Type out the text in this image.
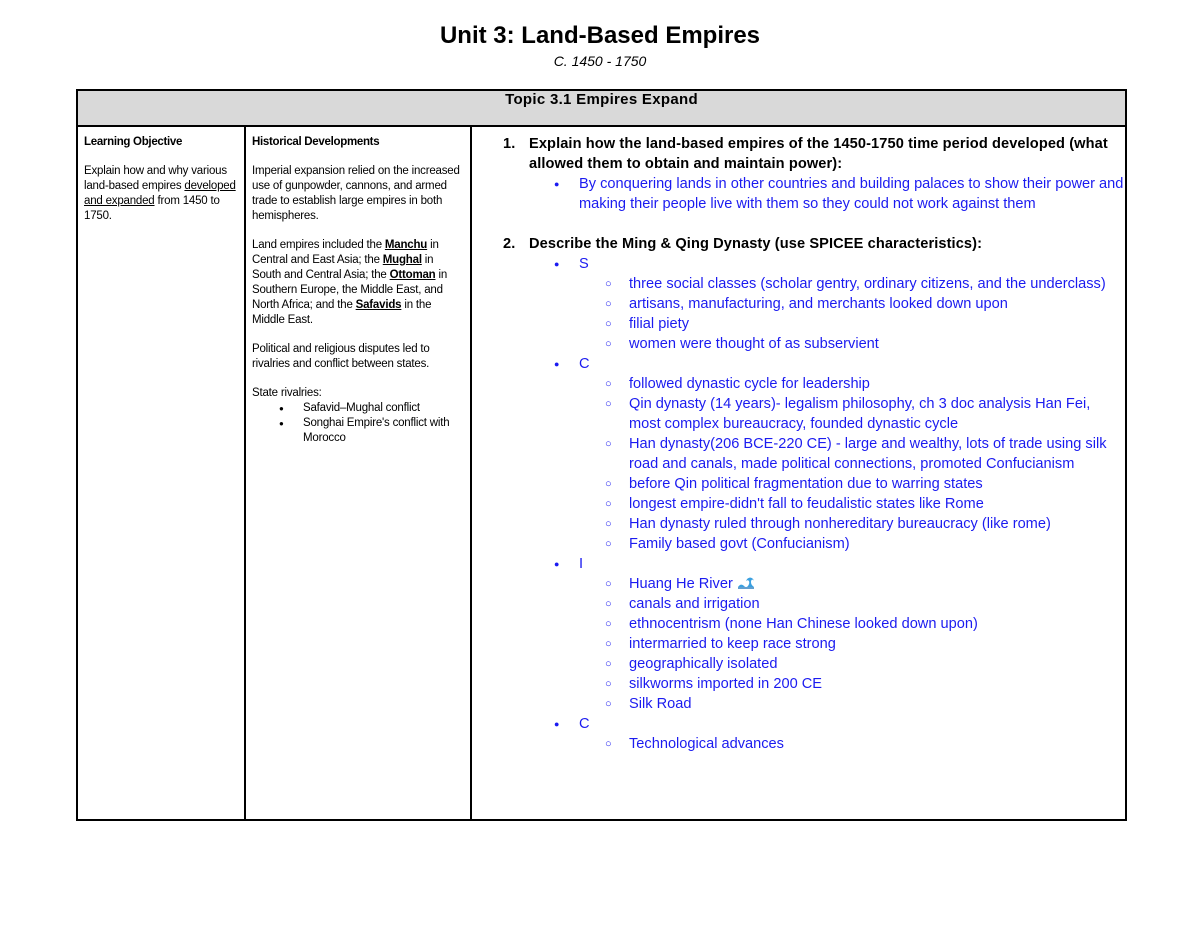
Unit 3: Land-Based Empires
C. 1450 - 1750
Topic 3.1 Empires Expand

Learning Objective

Explain how and why various land-based empires developed and expanded from 1450 to 1750.

Historical Developments

Imperial expansion relied on the increased use of gunpowder, cannons, and armed trade to establish large empires in both hemispheres.

Land empires included the Manchu in Central and East Asia; the Mughal in South and Central Asia; the Ottoman in Southern Europe, the Middle East, and North Africa; and the Safavids in the Middle East.

Political and religious disputes led to rivalries and conflict between states.

State rivalries:
● Safavid–Mughal conflict
● Songhai Empire's conflict with Morocco

1. Explain how the land-based empires of the 1450-1750 time period developed (what allowed them to obtain and maintain power):
● By conquering lands in other countries and building palaces to show their power and making their people live with them so they could not work against them
2. Describe the Ming & Qing Dynasty (use SPICEE characteristics):
● S
○ three social classes (scholar gentry, ordinary citizens, and the underclass)
○ artisans, manufacturing, and merchants looked down upon
○ filial piety
○ women were thought of as subservient
● C
○ followed dynastic cycle for leadership
○ Qin dynasty (14 years)- legalism philosophy, ch 3 doc analysis Han Fei, most complex bureaucracy, founded dynastic cycle
○ Han dynasty(206 BCE-220 CE) - large and wealthy, lots of trade using silk road and canals, made political connections, promoted Confucianism
○ before Qin political fragmentation due to warring states
○ longest empire-didn't fall to feudalistic states like Rome
○ Han dynasty ruled through nonhereditary bureaucracy (like rome)
○ Family based govt (Confucianism)
● I
○ Huang He River
○ canals and irrigation
○ ethnocentrism (none Han Chinese looked down upon)
○ intermarried to keep race strong
○ geographically isolated
○ silkworms imported in 200 CE
○ Silk Road
● C
○ Technological advances
